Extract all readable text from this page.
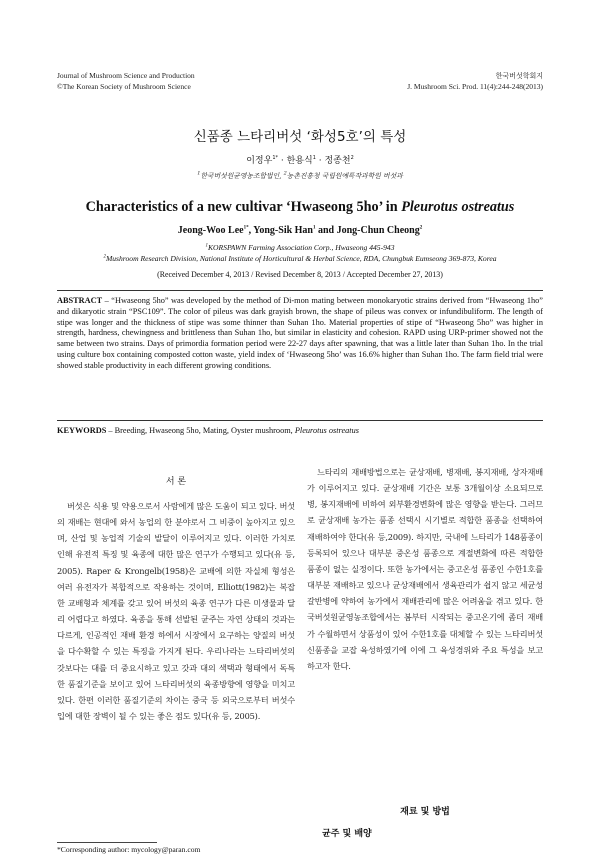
Journal of Mushroom Science and Production
©The Korean Society of Mushroom Science
한국버섯학회지
J. Mushroom Sci. Prod. 11(4):244-248(2013)
신품종 느타리버섯 ‘화성5호’의 특성
이정우$^{1*}$ · 한용식$^1$ · 정종천$^2$
$^1$한국버섯원균영농조합법인, $^2$농촌진흥청 국립원예특작과학원 버섯과
Characteristics of a new cultivar ‘Hwaseong 5ho’ in Pleurotus ostreatus
Jeong-Woo Lee$^{1*}$, Yong-Sik Han$^1$ and Jong-Chun Cheong$^2$
$^1$KORSPAWN Farming Association Corp., Hwaseong 445-943
$^2$Mushroom Research Division, National Institute of Horticultural & Herbal Science, RDA, Chungbuk Eumseong 369-873, Korea
(Received December 4, 2013 / Revised December 8, 2013 / Accepted December 27, 2013)
ABSTRACT – “Hwaseong 5ho” was developed by the method of Di-mon mating between monokaryotic strains derived from “Hwaseong 1ho” and dikaryotic strain “PSC109”. The color of pileus was dark grayish brown, the shape of pileus was convex or infundibuliform. The length of stipe was longer and the thickness of stipe was some thinner than Suhan 1ho. Material properties of stipe of “Hwaseong 5ho” was higher in strength, hardness, chewingness and brittleness than Suhan 1ho, but similar in elasticity and cohesion. RAPD using URP-primer showed not the same between two strains. Days of primordia formation period were 22-27 days after spawning, that was a little later than Suhan 1ho. In the trial using culture box containing composted cotton waste, yield index of ‘Hwaseong 5ho’ was 16.6% higher than Suhan 1ho. The farm field trial were showed stable productivity in each different growing conditions.
KEYWORDS – Breeding, Hwaseong 5ho, Mating, Oyster mushroom, Pleurotus ostreatus
서 론

버섯은 식용 및 약용으로서 사람에게 많은 도움이 되고 있다. 버섯의 재배는 현대에 와서 농업의 한 분야로서 그 비중이 높아지고 있으며, 산업 및 농업적 기술의 발달이 이루어지고 있다. 이러한 가치로 인해 유전적 특징 및 육종에 대한 많은 연구가 수행되고 있다(유 등, 2005). Raper & Krongelb(1958)은 교배에 의한 자실체 형성은 여러 유전자가 복합적으로 작용하는 것이며, Elliott(1982)는 복잡한 교배형과 체계를 갖고 있어 버섯의 육종 연구가 다른 미생물과 달리 어렵다고 하였다. 육종을 통해 선발된 균주는 자연 상태의 것과는 다르게, 인공적인 재배 환경 하에서 시장에서 요구하는 양질의 버섯을 다수확할 수 있는 특징을 가지게 된다. 우리나라는 느타리버섯의 갓보다는 대를 더 중요시하고 있고 갓과 대의 색택과 형태에서 독특한 품질기준을 보이고 있어 느타리버섯의 육종방향에 영향을 미치고 있다. 한편 이러한 품질기준의 차이는 중국 등 외국으로부터 버섯수입에 대한 장벽이 될 수 있는 좋은 점도 있다(유 등, 2005).

느타리의 재배방법으로는 균상재배, 병재배, 봉지재배, 상자재배가 이루어지고 있다. 균상재배 기간은 보통 3개월이상 소요되므로 병, 봉지재배에 비하여 외부환경변화에 많은 영향을 받는다. 그러므로 균상재배 농가는 품종 선택시 시기별로 적합한 품종을 선택하여 재배하여야 한다(유 등,2009). 하지만, 국내에 느타리가 148품종이 등록되어 있으나 대부분 중온성 품종으로 계절변화에 따른 적합한 품종이 없는 실정이다. 또한 농가에서는 중고온성 품종인 수한1호를 대부분 재배하고 있으나 균상재배에서 생육관리가 쉽지 않고 세균성 갈반병에 약하여 농가에서 재배관리에 많은 어려움을 겪고 있다. 한국버섯원균영농조합에서는 봄부터 시작되는 중고온기에 좀더 재배가 수월하면서 상품성이 있어 수한1호를 대체할 수 있는 느타리버섯 신품종을 교잡 육성하였기에 이에 그 육성경위와 주요 특성을 보고하고자 한다.

재료 및 방법
균주 및 배양
*Corresponding author: mycology@paran.com
